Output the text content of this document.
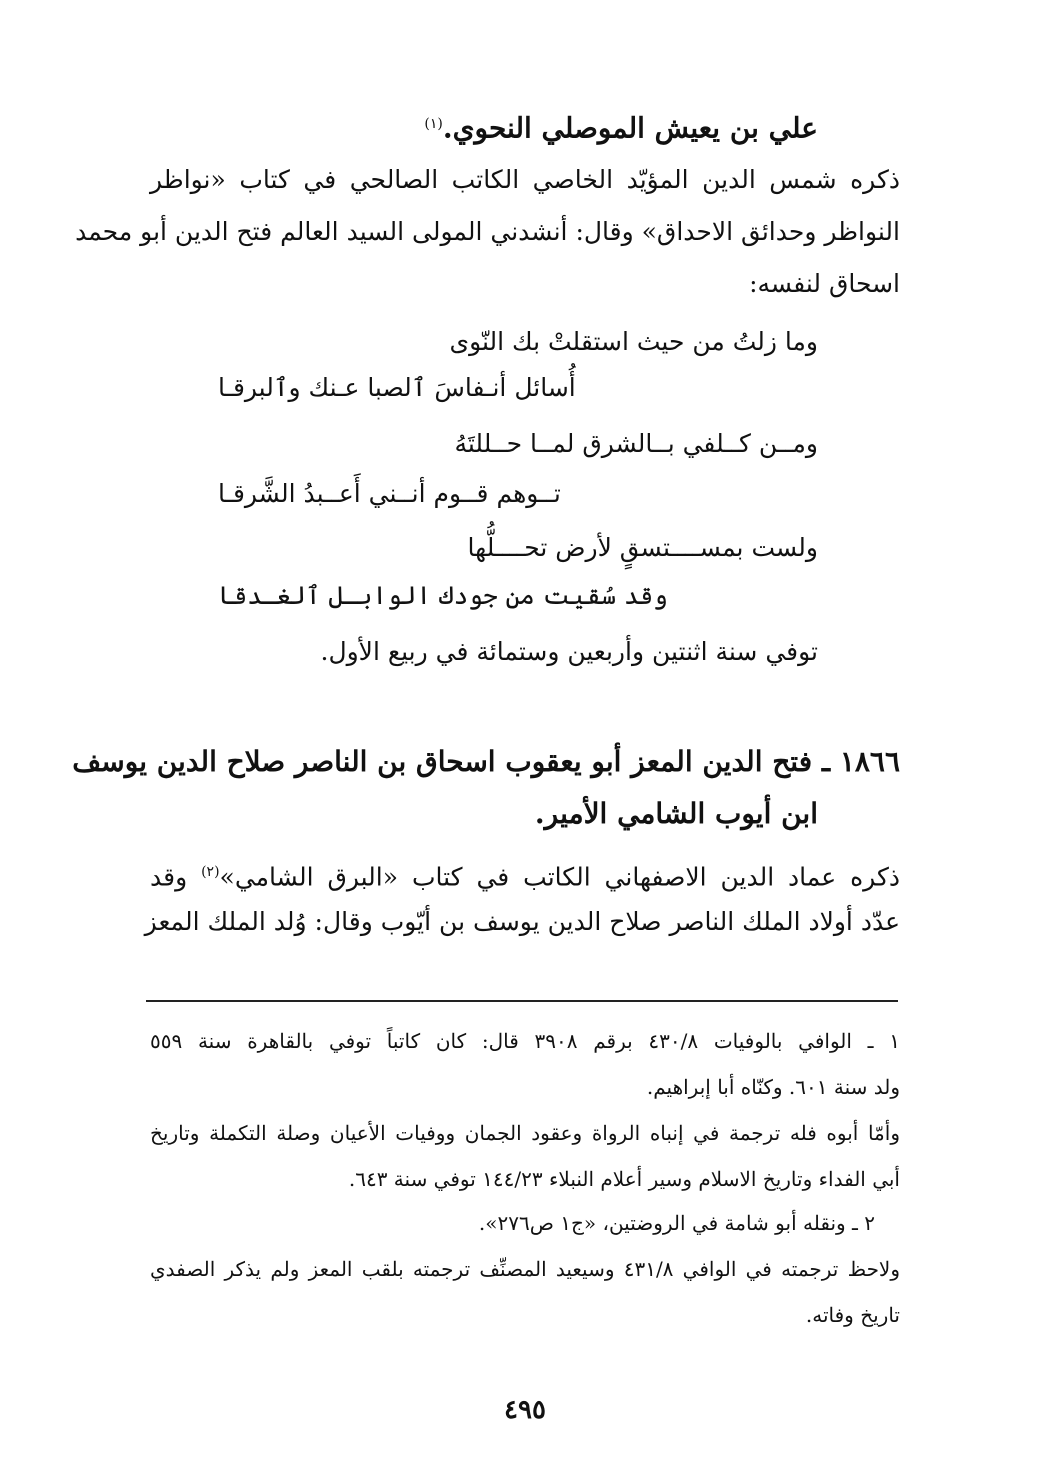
علي بن يعيش الموصلي النحوي.$^{(١)}$
ذكره شمس الدين المؤيّد الخاصي الكاتب الصالحي في كتاب «نواظر
النواظر وحدائق الاحداق» وقال: أنشدني المولى السيد العالم فتح الدين أبو محمد
اسحاق لنفسه:
وما زلتُ من حيث استقلتْ بك النّوى
أُسائل أنـفاسَ ٱلصبا عـنك وٱلبرقـا
ومــن كــلفي بــالشرق لمــا حــللتَهُ
تــوهم قــوم أنــني أَعــبدُ الشَّرقـا
ولست بمســــتسقٍ لأرض تحــــلُّها
وقد سُقيت من جودك الوابـل ٱلغـدقا
توفي سنة اثنتين وأربعين وستمائة في ربيع الأول.
١٨٦٦ ـ فتح الدين المعز أبو يعقوب اسحاق بن الناصر صلاح الدين يوسف
ابن أيوب الشامي الأمير.
ذكره عماد الدين الاصفهاني الكاتب في كتاب «البرق الشامي»$^{(٢)}$ وقد
عدّد أولاد الملك الناصر صلاح الدين يوسف بن أيّوب وقال: وُلد الملك المعز
١ ـ الوافي بالوفيات ٤٣٠/٨ برقم ٣٩٠٨ قال: كان كاتباً توفي بالقاهرة سنة ٥٥٩
ولد سنة ٦٠١. وكنّاه أبا إبراهيم.
وأمّا أبوه فله ترجمة في إنباه الرواة وعقود الجمان ووفيات الأعيان وصلة التكملة وتاريخ
أبي الفداء وتاريخ الاسلام وسير أعلام النبلاء ١٤٤/٢٣ توفي سنة ٦٤٣.
٢ ـ ونقله أبو شامة في الروضتين، «ج١ ص٢٧٦».
ولاحظ ترجمته في الوافي ٤٣١/٨ وسيعيد المصنِّف ترجمته بلقب المعز ولم يذكر الصفدي
تاريخ وفاته.
٤٩٥
